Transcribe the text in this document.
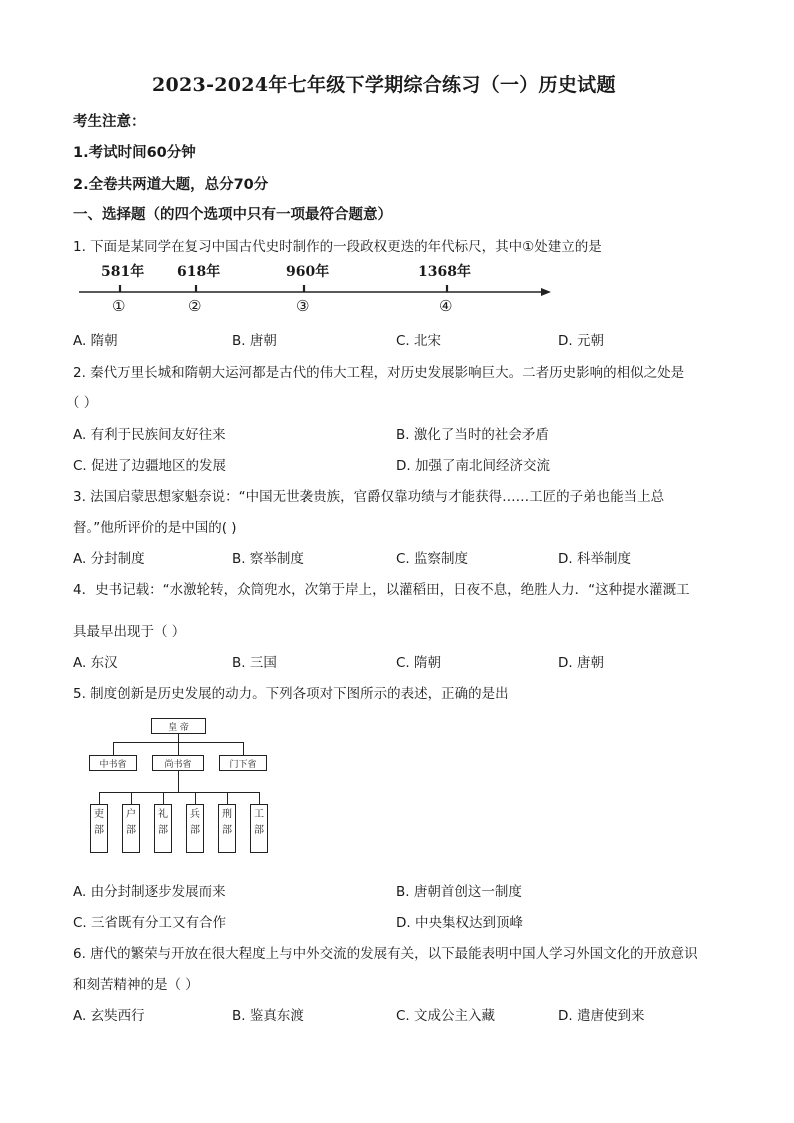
2023-2024年七年级下学期综合练习（一）历史试题
考生注意：
1.考试时间60分钟
2.全卷共两道大题，总分70分
一、选择题（的四个选项中只有一项最符合题意）
1. 下面是某同学在复习中国古代史时制作的一段政权更迭的年代标尺，其中①处建立的是
581年 618年	960年	1368年
①	②	③	④
A. 隋朝	B. 唐朝	C. 北宋	D. 元朝
2. 秦代万里长城和隋朝大运河都是古代的伟大工程，对历史发展影响巨大。二者历史影响的相似之处是
（ ）
A. 有利于民族间友好往来	B. 激化了当时的社会矛盾
C. 促进了边疆地区的发展	D. 加强了南北间经济交流
3. 法国启蒙思想家魁奈说：“中国无世袭贵族，官爵仅靠功绩与才能获得……工匠的子弟也能当上总
督。”他所评价的是中国的( )
A. 分封制度	B. 察举制度	C. 监察制度	D. 科举制度
4．史书记载：“水激轮转，众筒兜水，次第于岸上，以灌稻田，日夜不息，绝胜人力．“这种提水灌溉工
具最早出现于（ ）
A. 东汉	B. 三国	C. 隋朝	D. 唐朝
5. 制度创新是历史发展的动力。下列各项对下图所示的表述，正确的是出
皇 帝
中书省	尚书省	门下省
吏部
户部
礼部
兵部
刑部
工部
A. 由分封制逐步发展而来	B. 唐朝首创这一制度
C. 三省既有分工又有合作	D. 中央集权达到顶峰
6. 唐代的繁荣与开放在很大程度上与中外交流的发展有关，以下最能表明中国人学习外国文化的开放意识
和刻苦精神的是（ ）
A. 玄奘西行	B. 鉴真东渡	C. 文成公主入藏	D. 遣唐使到来
